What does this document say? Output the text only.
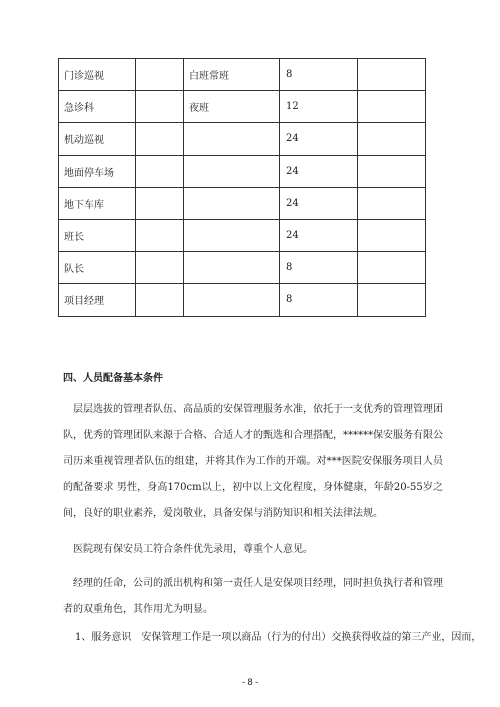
门诊巡视		白班常班	8	
急诊科		夜班	12	
机动巡视			24	
地面停车场			24	
地下车库			24	
班长			24	
队长			8	
项目经理			8	
四、人员配备基本条件

层层选拔的管理者队伍、高品质的安保管理服务水准，依托于一支优秀的管理管理团队，优秀的管理团队来源于合格、合适人才的甄选和合理搭配，******保安服务有限公司历来重视管理者队伍的组建，并将其作为工作的开端。对***医院安保服务项目人员的配备要求 男性，身高170cm以上，初中以上文化程度，身体健康，年龄20-55岁之间，良好的职业素养，爱岗敬业，具备安保与消防知识和相关法律法规。

医院现有保安员工符合条件优先录用，尊重个人意见。

经理的任命，公司的派出机构和第一责任人是安保项目经理，同时担负执行者和管理者的双重角色，其作用尤为明显。

1、服务意识　安保管理工作是一项以商品（行为的付出）交换获得收益的第三产业，因而，

- 8 -
